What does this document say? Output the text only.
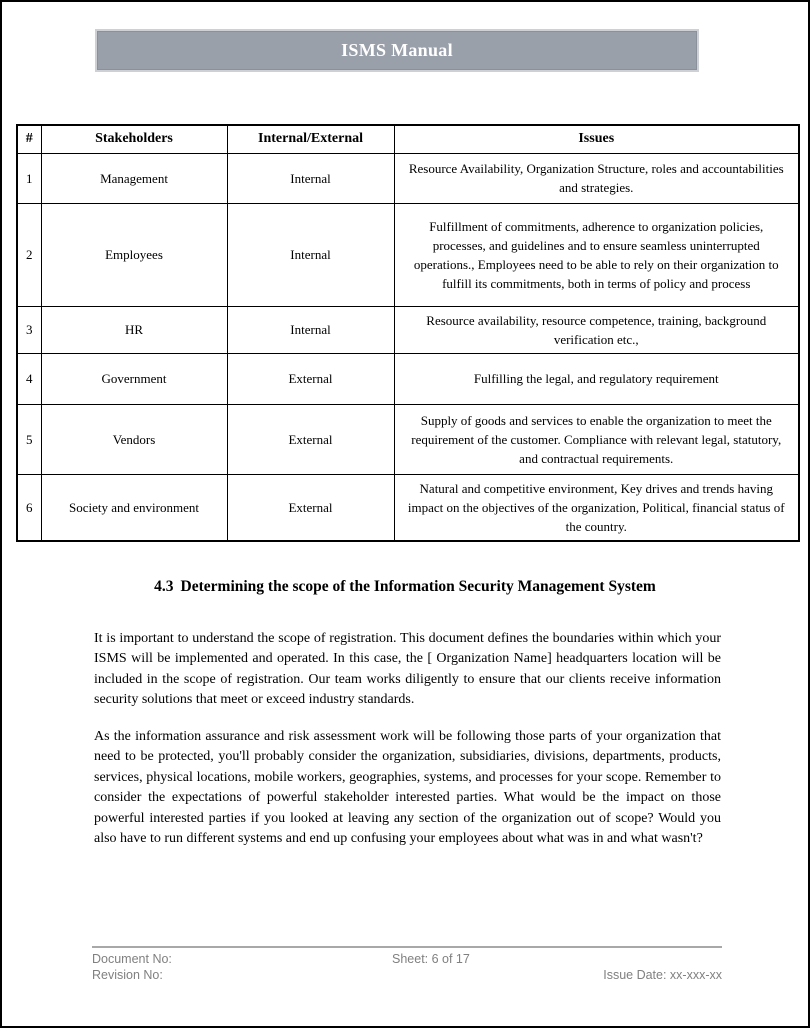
ISMS Manual
#	Stakeholders	Internal/External	Issues
1	Management	Internal	Resource Availability, Organization Structure, roles and accountabilities and strategies.
2	Employees	Internal	Fulfillment of commitments, adherence to organization policies, processes, and guidelines and to ensure seamless uninterrupted operations., Employees need to be able to rely on their organization to fulfill its commitments, both in terms of policy and process
3	HR	Internal	Resource availability, resource competence, training, background verification etc.,
4	Government	External	Fulfilling the legal, and regulatory requirement
5	Vendors	External	Supply of goods and services to enable the organization to meet the requirement of the customer. Compliance with relevant legal, statutory, and contractual requirements.
6	Society and environment	External	Natural and competitive environment, Key drives and trends having impact on the objectives of the organization, Political, financial status of the country.
4.3 Determining the scope of the Information Security Management System

It is important to understand the scope of registration. This document defines the boundaries within which your ISMS will be implemented and operated. In this case, the [ Organization Name] headquarters location will be included in the scope of registration. Our team works diligently to ensure that our clients receive information security solutions that meet or exceed industry standards.

As the information assurance and risk assessment work will be following those parts of your organization that need to be protected, you'll probably consider the organization, subsidiaries, divisions, departments, products, services, physical locations, mobile workers, geographies, systems, and processes for your scope. Remember to consider the expectations of powerful stakeholder interested parties. What would be the impact on those powerful interested parties if you looked at leaving any section of the organization out of scope? Would you also have to run different systems and end up confusing your employees about what was in and what wasn't?

Document No:	Sheet: 6 of 17
Revision No:	Issue Date: xx-xxx-xx
